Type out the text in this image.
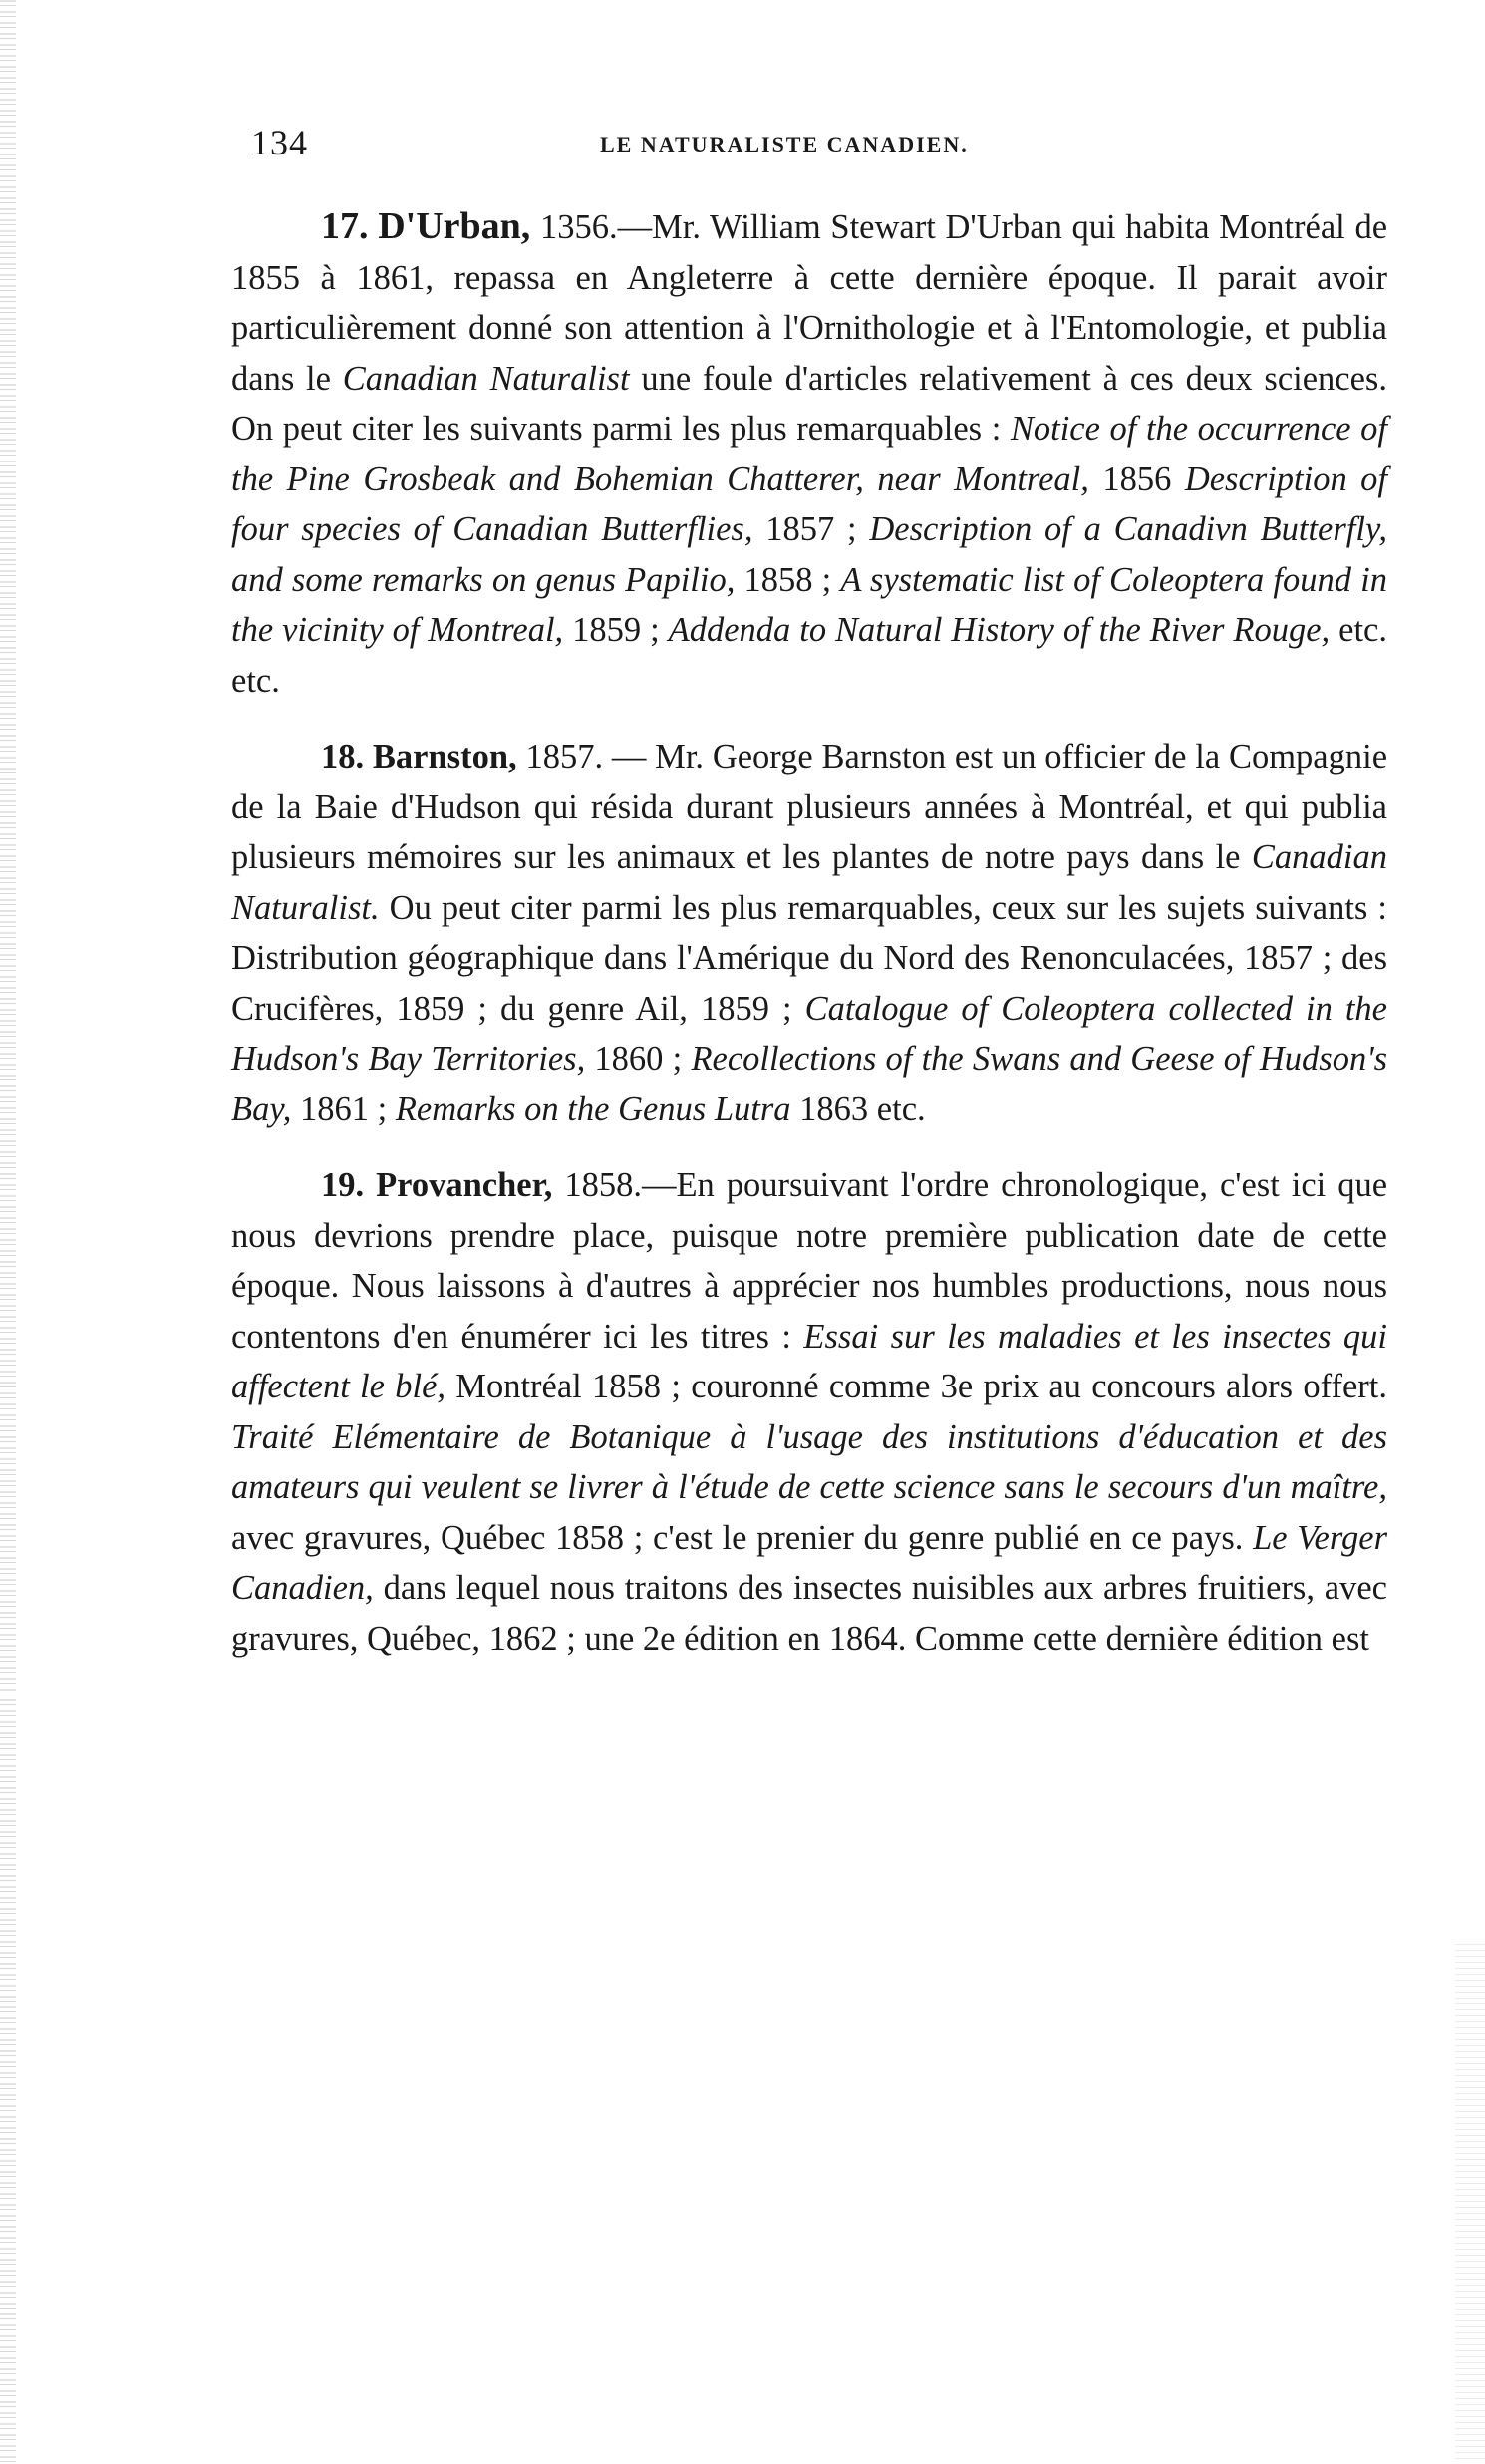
134	LE NATURALISTE CANADIEN.

17. D'Urban, 1356.—Mr. William Stewart D'Urban qui habita Montréal de 1855 à 1861, repassa en Angleterre à cette dernière époque. Il parait avoir particulièrement donné son attention à l'Ornithologie et à l'Entomologie, et publia dans le Canadian Naturalist une foule d'articles relativement à ces deux sciences. On peut citer les suivants parmi les plus remarquables : Notice of the occurrence of the Pine Grosbeak and Bohemian Chatterer, near Montreal, 1856 Description of four species of Canadian Butterflies, 1857 ; Description of a Canadivn Butterfly, and some remarks on genus Papilio, 1858 ; A systematic list of Coleoptera found in the vicinity of Montreal, 1859 ; Addenda to Natural History of the River Rouge, etc. etc.

18. Barnston, 1857. — Mr. George Barnston est un officier de la Compagnie de la Baie d'Hudson qui résida durant plusieurs années à Montréal, et qui publia plusieurs mémoires sur les animaux et les plantes de notre pays dans le Canadian Naturalist. Ou peut citer parmi les plus remarquables, ceux sur les sujets suivants : Distribution géographique dans l'Amérique du Nord des Renonculacées, 1857 ; des Crucifères, 1859 ; du genre Ail, 1859 ; Catalogue of Coleoptera collected in the Hudson's Bay Territories, 1860 ; Recollections of the Swans and Geese of Hudson's Bay, 1861 ; Remarks on the Genus Lutra 1863 etc.

19. Provancher, 1858.—En poursuivant l'ordre chronologique, c'est ici que nous devrions prendre place, puisque notre première publication date de cette époque. Nous laissons à d'autres à apprécier nos humbles productions, nous nous contentons d'en énumérer ici les titres : Essai sur les maladies et les insectes qui affectent le blé, Montréal 1858 ; couronné comme 3e prix au concours alors offert. Traité Elémentaire de Botanique à l'usage des institutions d'éducation et des amateurs qui veulent se livrer à l'étude de cette science sans le secours d'un maître, avec gravures, Québec 1858 ; c'est le prenier du genre publié en ce pays. Le Verger Canadien, dans lequel nous traitons des insectes nuisibles aux arbres fruitiers, avec gravures, Québec, 1862 ; une 2e édition en 1864. Comme cette dernière édition est
